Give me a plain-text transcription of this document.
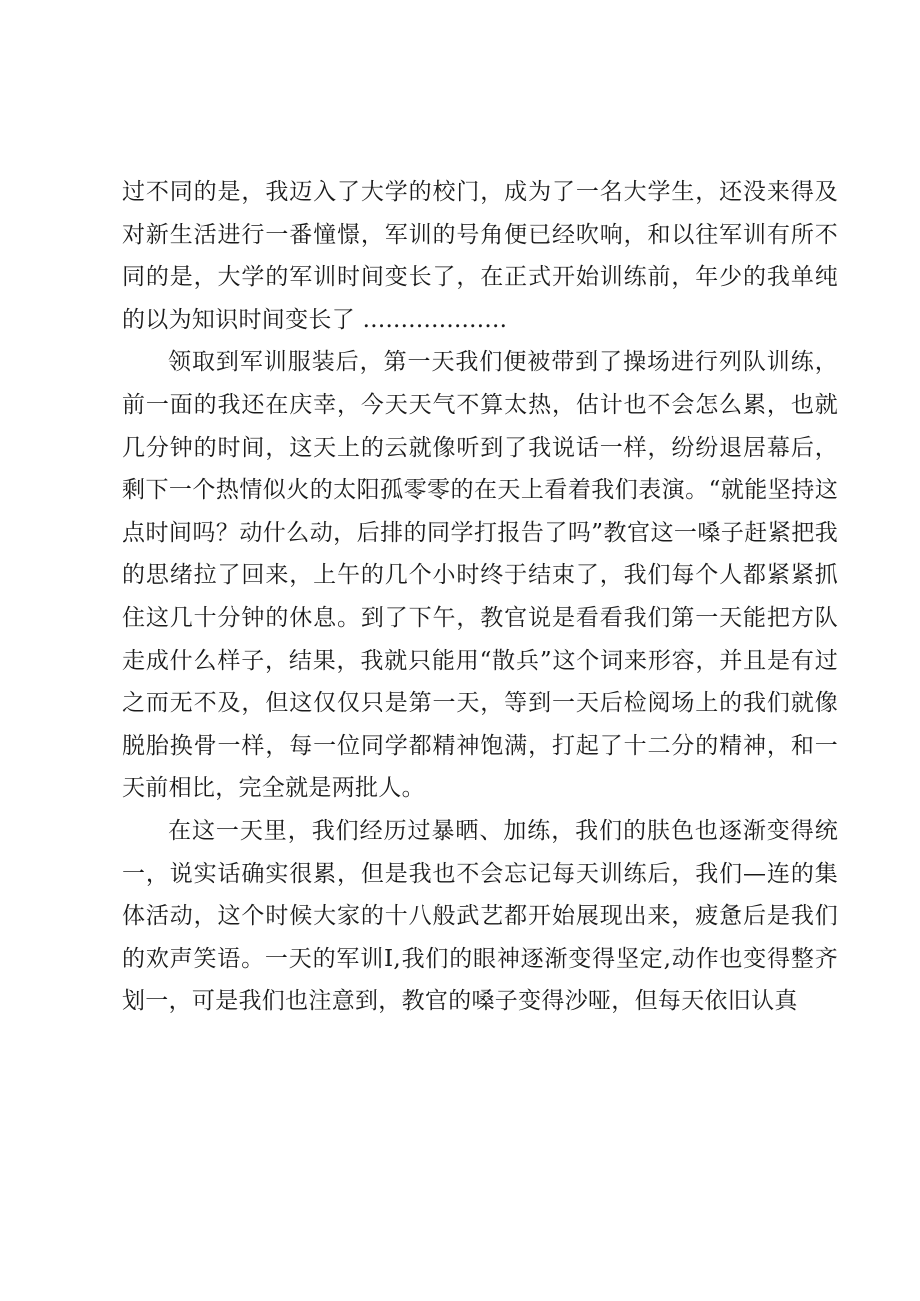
过不同的是，我迈入了大学的校门，成为了一名大学生，还没来得及对新生活进行一番憧憬，军训的号角便已经吹响，和以往军训有所不同的是，大学的军训时间变长了，在正式开始训练前，年少的我单纯的以为知识时间变长了 ...................

领取到军训服装后，第一天我们便被带到了操场进行列队训练，前一面的我还在庆幸，今天天气不算太热，估计也不会怎么累，也就几分钟的时间，这天上的云就像听到了我说话一样，纷纷退居幕后，剩下一个热情似火的太阳孤零零的在天上看着我们表演。“就能坚持这点时间吗？动什么动，后排的同学打报告了吗”教官这一嗓子赶紧把我的思绪拉了回来，上午的几个小时终于结束了，我们每个人都紧紧抓住这几十分钟的休息。到了下午，教官说是看看我们第一天能把方队走成什么样子，结果，我就只能用“散兵”这个词来形容，并且是有过之而无不及，但这仅仅只是第一天，等到一天后检阅场上的我们就像脱胎换骨一样，每一位同学都精神饱满，打起了十二分的精神，和一天前相比，完全就是两批人。

在这一天里，我们经历过暴晒、加练，我们的肤色也逐渐变得统一，说实话确实很累，但是我也不会忘记每天训练后，我们—连的集体活动，这个时候大家的十八般武艺都开始展现出来，疲惫后是我们的欢声笑语。一天的军训I,我们的眼神逐渐变得坚定,动作也变得整齐划一，可是我们也注意到，教官的嗓子变得沙哑，但每天依旧认真
